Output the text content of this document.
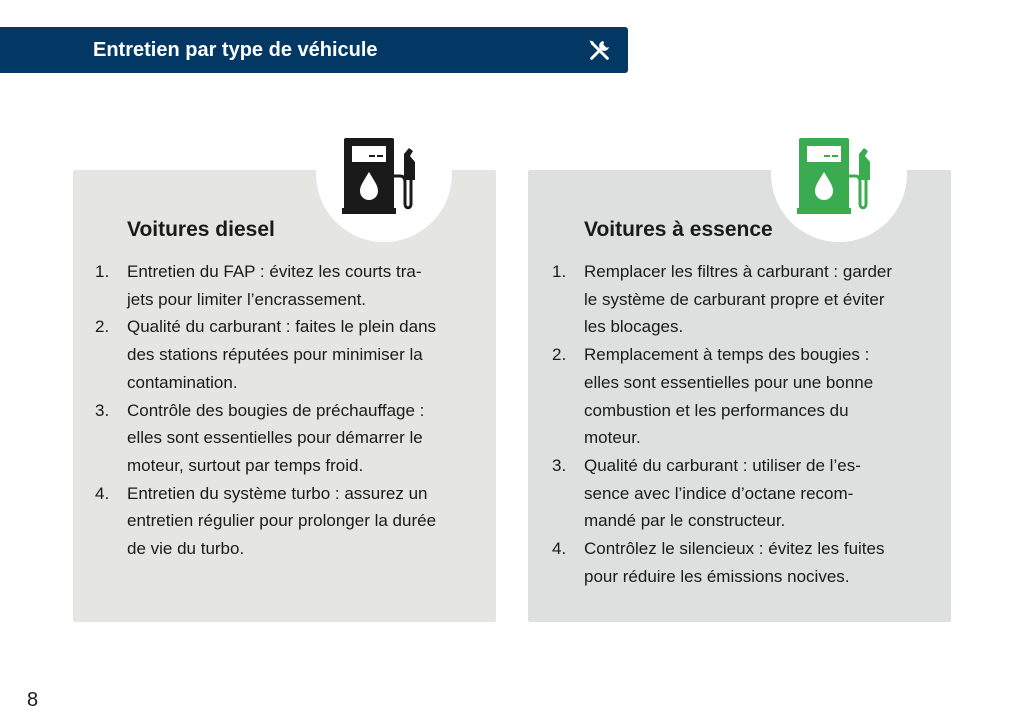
Entretien par type de véhicule
Voitures diesel
1. Entretien du FAP : évitez les courts tra-
jets pour limiter l’encrassement.
2. Qualité du carburant : faites le plein dans
des stations réputées pour minimiser la
contamination.
3. Contrôle des bougies de préchauffage :
elles sont essentielles pour démarrer le
moteur, surtout par temps froid.
4. Entretien du système turbo : assurez un
entretien régulier pour prolonger la durée
de vie du turbo.
Voitures à essence
1. Remplacer les filtres à carburant : garder
le système de carburant propre et éviter
les blocages.
2. Remplacement à temps des bougies :
elles sont essentielles pour une bonne
combustion et les performances du
moteur.
3. Qualité du carburant : utiliser de l’es-
sence avec l’indice d’octane recom-
mandé par le constructeur.
4. Contrôlez le silencieux : évitez les fuites
pour réduire les émissions nocives.
8
